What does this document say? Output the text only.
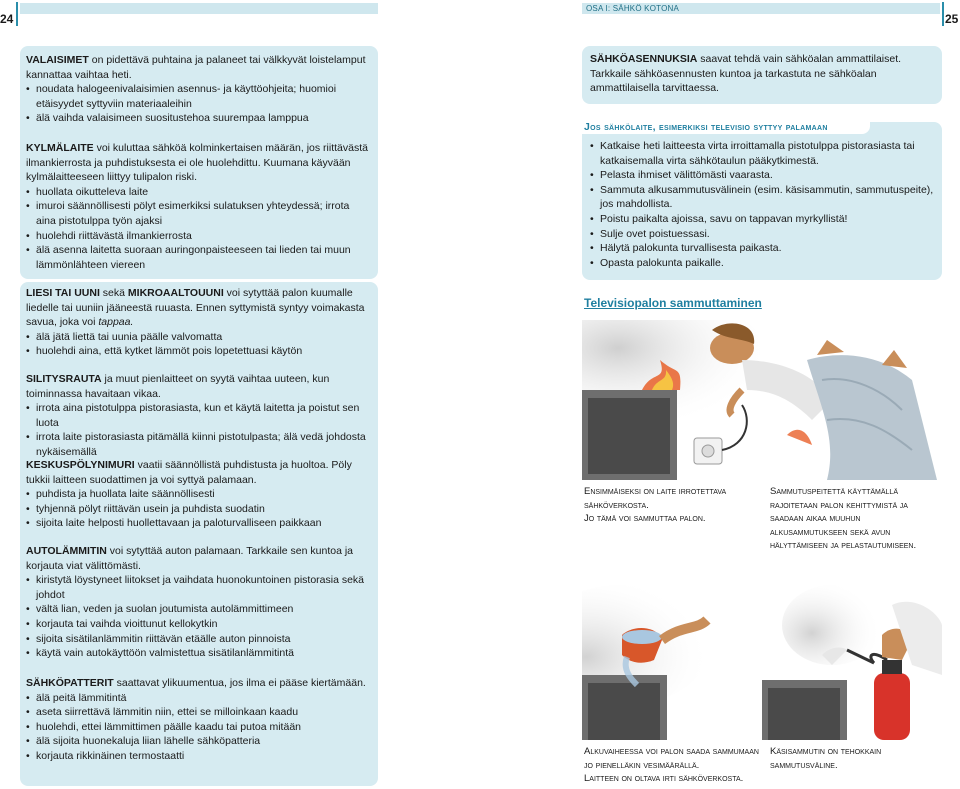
24
OSA I: SÄHKÖ KOTONA
25

VALAISIMET on pidettävä puhtaina ja palaneet tai välkkyvät loistelamput kannattaa vaihtaa heti.

• noudata halogeenivalaisimien asennus- ja käyttöohjeita; huomioi etäisyydet syttyviin materiaaleihin
• älä vaihda valaisimeen suositustehoa suurempaa lamppua

KYLMÄLAITE voi kuluttaa sähköä kolminkertaisen määrän, jos riittävästä ilmankierrosta ja puhdistuksesta ei ole huolehdittu. Kuumana käyvään kylmälaitteeseen liittyy tulipalon riski.

• huollata oikutteleva laite
• imuroi säännöllisesti pölyt esimerkiksi sulatuksen yhteydessä; irrota aina pistotulppa työn ajaksi
• huolehdi riittävästä ilmankierrosta
• älä asenna laitetta suoraan auringonpaisteeseen tai lieden tai muun lämmönlähteen viereen

LIESI TAI UUNI sekä MIKROAALTOUUNI voi sytyttää palon kuumalle liedelle tai uuniin jääneestä ruuasta. Ennen syttymistä syntyy voimakasta savua, joka voi tappaa.

• älä jätä liettä tai uunia päälle valvomatta
• huolehdi aina, että kytket lämmöt pois lopetettuasi käytön

SILITYSRAUTA ja muut pienlaitteet on syytä vaihtaa uuteen, kun toiminnassa havaitaan vikaa.

• irrota aina pistotulppa pistorasiasta, kun et käytä laitetta ja poistut sen luota
• irrota laite pistorasiasta pitämällä kiinni pistotulpasta; älä vedä johdosta nykäisemällä

KESKUSPÖLYNIMURI vaatii säännöllistä puhdistusta ja huoltoa. Pöly tukkii laitteen suodattimen ja voi syttyä palamaan.

• puhdista ja huollata laite säännöllisesti
• tyhjennä pölyt riittävän usein ja puhdista suodatin
• sijoita laite helposti huollettavaan ja paloturvalliseen paikkaan

AUTOLÄMMITIN voi sytyttää auton palamaan. Tarkkaile sen kuntoa ja korjauta viat välittömästi.

• kiristytä löystyneet liitokset ja vaihdata huonokuntoinen pistorasia sekä johdot
• vältä lian, veden ja suolan joutumista autolämmittimeen
• korjauta tai vaihda vioittunut kellokytkin
• sijoita sisätilanlämmitin riittävän etäälle auton pinnoista
• käytä vain autokäyttöön valmistettua sisätilanlämmitintä

SÄHKÖPATTERIT saattavat ylikuumentua, jos ilma ei pääse kiertämään.

• älä peitä lämmitintä
• aseta siirrettävä lämmitin niin, ettei se milloinkaan kaadu
• huolehdi, ettei lämmittimen päälle kaadu tai putoa mitään
• älä sijoita huonekaluja liian lähelle sähköpatteria
• korjauta rikkinäinen termostaatti

SÄHKÖASENNUKSIA saavat tehdä vain sähköalan ammattilaiset. Tarkkaile sähköasennusten kuntoa ja tarkastuta ne sähköalan ammattilaisella tarvittaessa.

Jos sähkölaite, esimerkiksi televisio syttyy palamaan
• Katkaise heti laitteesta virta irroittamalla pistotulppa pistorasiasta tai katkaisemalla virta sähkötaulun pääkytkimestä.
• Pelasta ihmiset välittömästi vaarasta.
• Sammuta alkusammutusvälinein (esim. käsisammutin, sammutuspeite), jos mahdollista.
• Poistu paikalta ajoissa, savu on tappavan myrkyllistä!
• Sulje ovet poistuessasi.
• Hälytä palokunta turvallisesta paikasta.
• Opasta palokunta paikalle.
Televisiopalon sammuttaminen
Ensimmäiseksi on laite irrotettava sähköverkosta.
Jo tämä voi sammuttaa palon.
Sammutuspeitettä käyttämällä rajoitetaan palon kehittymistä ja saadaan aikaa muuhun alkusammutukseen sekä avun hälyttämiseen ja pelastautumiseen.
Alkuvaiheessa voi palon saada sammumaan jo pienelläkin vesimäärällä.
Laitteen on oltava irti sähköverkosta.
Käsisammutin on tehokkain sammutusväline.
